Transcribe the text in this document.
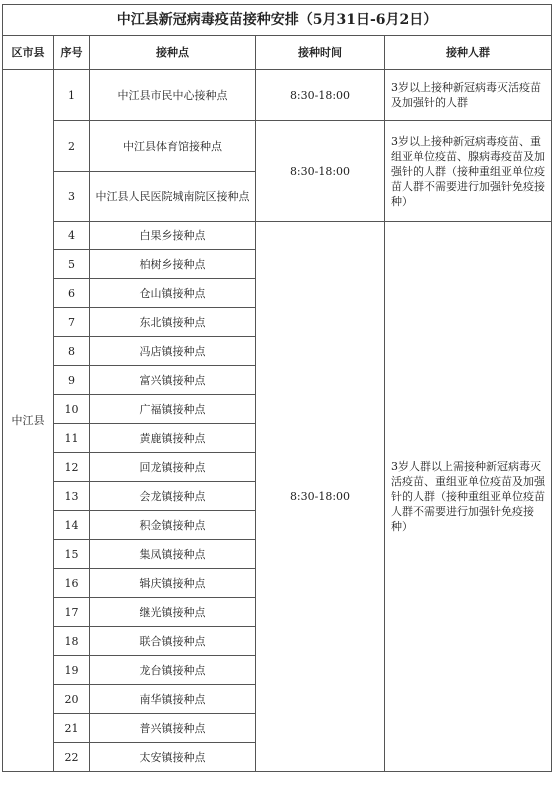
中江县新冠病毒疫苗接种安排（5月31日-6月2日）				
区市县	序号	接种点	接种时间	接种人群
中江县	1	中江县市民中心接种点	8:30-18:00	3岁以上接种新冠病毒灭活疫苗及加强针的人群
	2	中江县体育馆接种点	8:30-18:00	3岁以上接种新冠病毒疫苗、重组亚单位疫苗、腺病毒疫苗及加强针的人群（接种重组亚单位疫苗人群不需要进行加强针免疫接种）
	3	中江县人民医院城南院区接种点		
	4	白果乡接种点	8:30-18:00	3岁人群以上需接种新冠病毒灭活疫苗、重组亚单位疫苗及加强针的人群（接种重组亚单位疫苗人群不需要进行加强针免疫接种）
	5	柏树乡接种点		
	6	仓山镇接种点		
	7	东北镇接种点		
	8	冯店镇接种点		
	9	富兴镇接种点		
	10	广福镇接种点		
	11	黄鹿镇接种点		
	12	回龙镇接种点		
	13	会龙镇接种点		
	14	积金镇接种点		
	15	集凤镇接种点		
	16	辑庆镇接种点		
	17	继光镇接种点		
	18	联合镇接种点		
	19	龙台镇接种点		
	20	南华镇接种点		
	21	普兴镇接种点		
	22	太安镇接种点		
